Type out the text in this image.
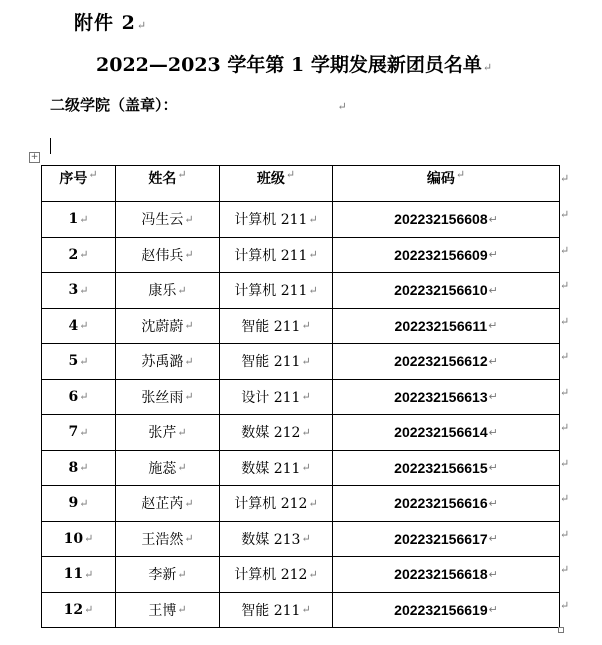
附件 2↵
2022—2023 学年第 1 学期发展新团员名单↵
二级学院（盖章）：	↵
+
序号 ↵	姓名 ↵	班级 ↵	编码 ↵
1 ↵	冯生云 ↵	计算机 211 ↵	202232156608 ↵
2 ↵	赵伟兵 ↵	计算机 211 ↵	202232156609 ↵
3 ↵	康乐 ↵	计算机 211 ↵	202232156610 ↵
4 ↵	沈蔚蔚 ↵	智能 211 ↵	202232156611 ↵
5 ↵	苏禹潞 ↵	智能 211 ↵	202232156612 ↵
6 ↵	张丝雨 ↵	设计 211 ↵	202232156613 ↵
7 ↵	张芹 ↵	数媒 212 ↵	202232156614 ↵
8 ↵	施蕊 ↵	数媒 211 ↵	202232156615 ↵
9 ↵	赵芷芮 ↵	计算机 212 ↵	202232156616 ↵
10 ↵	王浩然 ↵	数媒 213 ↵	202232156617 ↵
11 ↵	李新 ↵	计算机 212 ↵	202232156618 ↵
12 ↵	王博 ↵	智能 211 ↵	202232156619 ↵
↵
↵
↵
↵
↵
↵
↵
↵
↵
↵
↵
↵
↵
